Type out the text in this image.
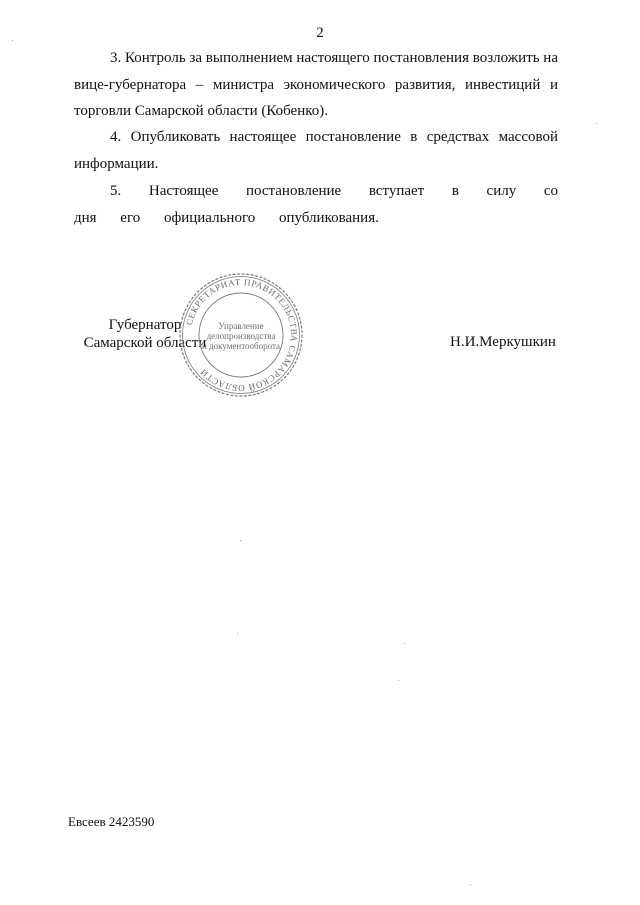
2

3. Контроль за выполнением настоящего постановления возложить на вице-губернатора – министра экономического развития, инвестиций и торговли Самарской области (Кобенко).

4. Опубликовать настоящее постановление в средствах массовой информации.

5. Настоящее постановление вступает в силу со дня его официального опубликования.

Губернатор
Самарской области
СЕКРЕТАРИАТ ПРАВИТЕЛЬСТВА САМАРСКОЙ ОБЛАСТИ
Управление
делопроизводства
и документооборота	Н.И.Меркушкин
Евсеев 2423590
